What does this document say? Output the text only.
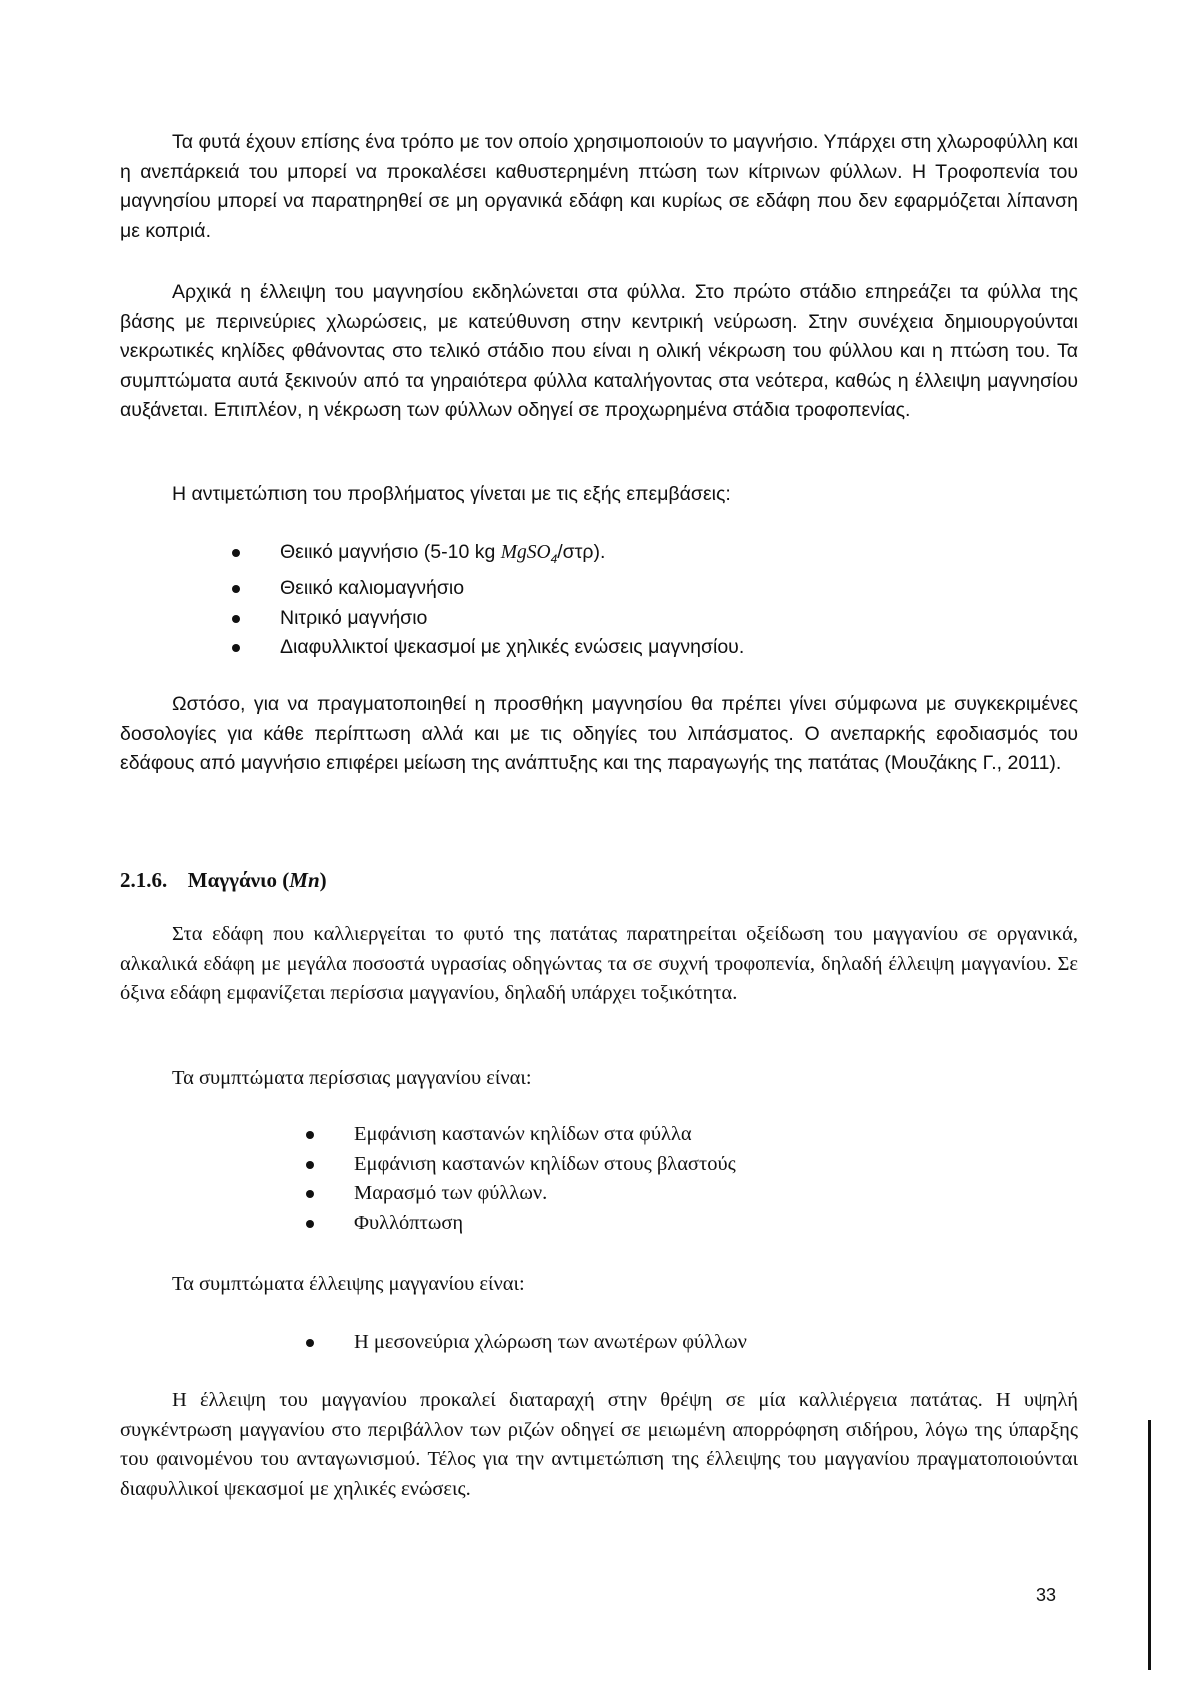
Τα φυτά έχουν επίσης ένα τρόπο με τον οποίο χρησιμοποιούν το μαγνήσιο. Υπάρχει στη χλωροφύλλη και η ανεπάρκειά του μπορεί να προκαλέσει καθυστερημένη πτώση των κίτρινων φύλλων. Η Τροφοπενία του μαγνησίου μπορεί να παρατηρηθεί σε μη οργανικά εδάφη και κυρίως σε εδάφη που δεν εφαρμόζεται λίπανση με κοπριά.

Αρχικά η έλλειψη του μαγνησίου εκδηλώνεται στα φύλλα. Στο πρώτο στάδιο επηρεάζει τα φύλλα της βάσης με περινεύριες χλωρώσεις, με κατεύθυνση στην κεντρική νεύρωση. Στην συνέχεια δημιουργούνται νεκρωτικές κηλίδες φθάνοντας στο τελικό στάδιο που είναι η ολική νέκρωση του φύλλου και η πτώση του. Τα συμπτώματα αυτά ξεκινούν από τα γηραιότερα φύλλα καταλήγοντας στα νεότερα, καθώς η έλλειψη μαγνησίου αυξάνεται. Επιπλέον, η νέκρωση των φύλλων οδηγεί σε προχωρημένα στάδια τροφοπενίας.

Η αντιμετώπιση του προβλήματος γίνεται με τις εξής επεμβάσεις:

Θειικό μαγνήσιο (5-10 kg MgSO$_4$/στρ).
Θειικό καλιομαγνήσιο
Νιτρικό μαγνήσιο
Διαφυλλικτοί ψεκασμοί με χηλικές ενώσεις μαγνησίου.

Ωστόσο, για να πραγματοποιηθεί η προσθήκη μαγνησίου θα πρέπει γίνει σύμφωνα με συγκεκριμένες δοσολογίες για κάθε περίπτωση αλλά και με τις οδηγίες του λιπάσματος. Ο ανεπαρκής εφοδιασμός του εδάφους από μαγνήσιο επιφέρει μείωση της ανάπτυξης και της παραγωγής της πατάτας (Μουζάκης Γ., 2011).

2.1.6. Μαγγάνιο (Mn)

Στα εδάφη που καλλιεργείται το φυτό της πατάτας παρατηρείται οξείδωση του μαγγανίου σε οργανικά, αλκαλικά εδάφη με μεγάλα ποσοστά υγρασίας οδηγώντας τα σε συχνή τροφοπενία, δηλαδή έλλειψη μαγγανίου. Σε όξινα εδάφη εμφανίζεται περίσσια μαγγανίου, δηλαδή υπάρχει τοξικότητα.

Τα συμπτώματα περίσσιας μαγγανίου είναι:

Εμφάνιση καστανών κηλίδων στα φύλλα
Εμφάνιση καστανών κηλίδων στους βλαστούς
Μαρασμό των φύλλων.
Φυλλόπτωση

Τα συμπτώματα έλλειψης μαγγανίου είναι:

Η μεσονεύρια χλώρωση των ανωτέρων φύλλων

Η έλλειψη του μαγγανίου προκαλεί διαταραχή στην θρέψη σε μία καλλιέργεια πατάτας. Η υψηλή συγκέντρωση μαγγανίου στο περιβάλλον των ριζών οδηγεί σε μειωμένη απορρόφηση σιδήρου, λόγω της ύπαρξης του φαινομένου του ανταγωνισμού. Τέλος για την αντιμετώπιση της έλλειψης του μαγγανίου πραγματοποιούνται διαφυλλικοί ψεκασμοί με χηλικές ενώσεις.

33
